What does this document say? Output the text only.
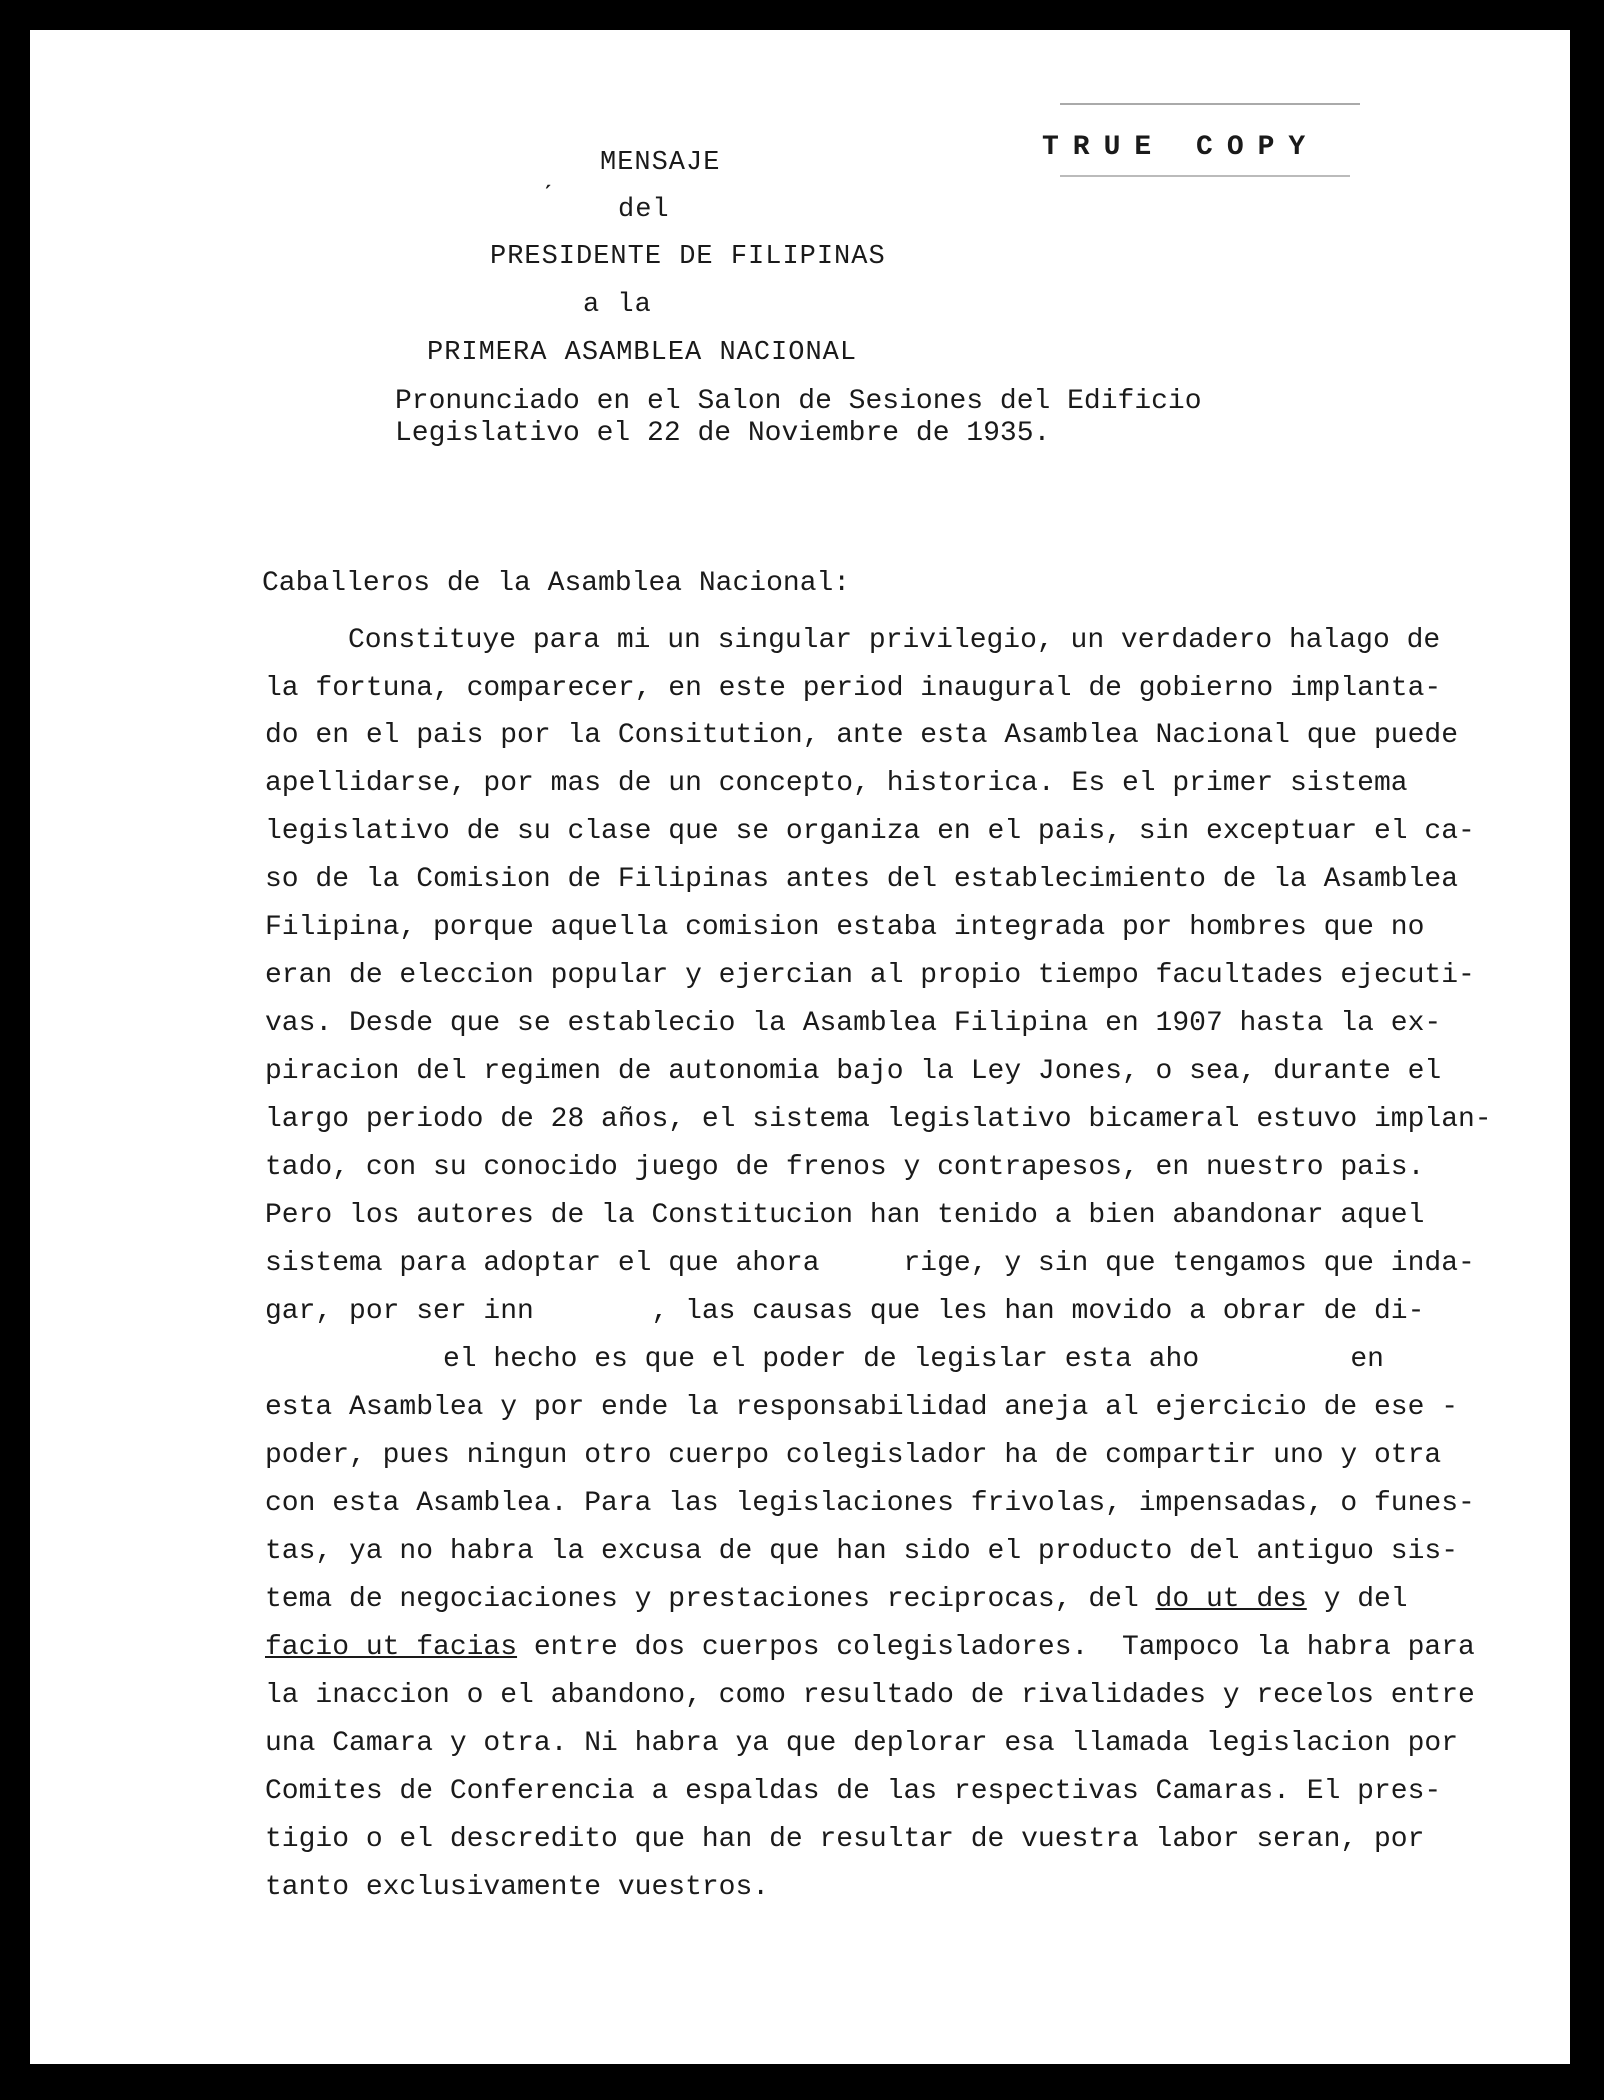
TRUE COPY
ˏ MENSAJE
del
PRESIDENTE DE FILIPINAS
a la
PRIMERA ASAMBLEA NACIONAL
Pronunciado en el Salon de Sesiones del Edificio
Legislativo el 22 de Noviembre de 1935.
Caballeros de la Asamblea Nacional:
Constituye para mi un singular privilegio, un verdadero halago de
la fortuna, comparecer, en este period inaugural de gobierno implanta-
do en el pais por la Consitution, ante esta Asamblea Nacional que puede
apellidarse, por mas de un concepto, historica. Es el primer sistema
legislativo de su clase que se organiza en el pais, sin exceptuar el ca-
so de la Comision de Filipinas antes del establecimiento de la Asamblea
Filipina, porque aquella comision estaba integrada por hombres que no
eran de eleccion popular y ejercian al propio tiempo facultades ejecuti-
vas. Desde que se establecio la Asamblea Filipina en 1907 hasta la ex-
piracion del regimen de autonomia bajo la Ley Jones, o sea, durante el
largo periodo de 28 años, el sistema legislativo bicameral estuvo implan-
tado, con su conocido juego de frenos y contrapesos, en nuestro pais.
Pero los autores de la Constitucion han tenido a bien abandonar aquel
sistema para adoptar el que ahora     rige, y sin que tengamos que inda-
gar, por ser inn       , las causas que les han movido a obrar de di-
el hecho es que el poder de legislar esta aho         en
esta Asamblea y por ende la responsabilidad aneja al ejercicio de ese -
poder, pues ningun otro cuerpo colegislador ha de compartir uno y otra
con esta Asamblea. Para las legislaciones frivolas, impensadas, o funes-
tas, ya no habra la excusa de que han sido el producto del antiguo sis-
tema de negociaciones y prestaciones reciprocas, del do ut des y del
facio ut facias entre dos cuerpos colegisladores.  Tampoco la habra para
la inaccion o el abandono, como resultado de rivalidades y recelos entre
una Camara y otra. Ni habra ya que deplorar esa llamada legislacion por
Comites de Conferencia a espaldas de las respectivas Camaras. El pres-
tigio o el descredito que han de resultar de vuestra labor seran, por
tanto exclusivamente vuestros.
